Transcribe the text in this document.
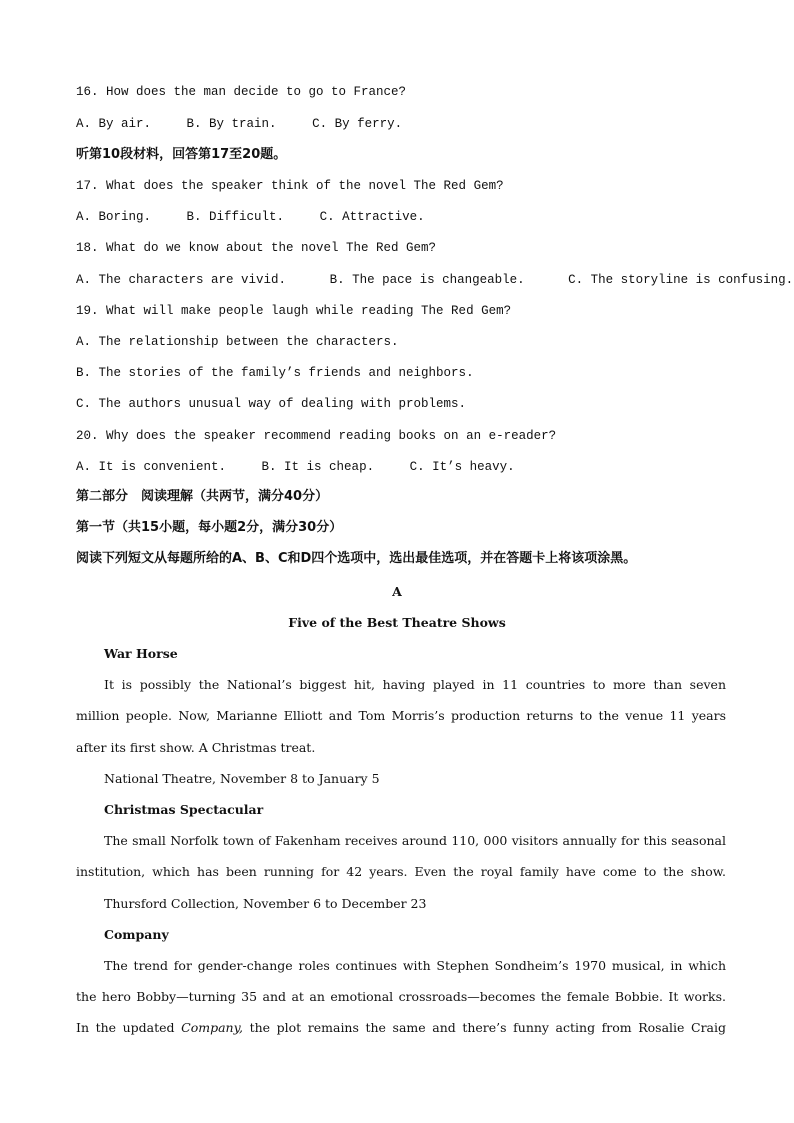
16. How does the man decide to go to France?
A. By air.	B. By train.	C. By ferry.
听第10段材料，回答第17至20题。
17. What does the speaker think of the novel The Red Gem?
A. Boring.	B. Difficult.	C. Attractive.
18. What do we know about the novel The Red Gem?
A. The characters are vivid.	B. The pace is changeable.	C. The storyline is confusing.
19. What will make people laugh while reading The Red Gem?
A. The relationship between the characters.
B. The stories of the family’s friends and neighbors.
C. The authors unusual way of dealing with problems.
20. Why does the speaker recommend reading books on an e-reader?
A. It is convenient.	B. It is cheap.	C. It’s heavy.
第二部分　阅读理解（共两节，满分40分）
第一节（共15小题，每小题2分，满分30分）
阅读下列短文从每题所给的A、B、C和D四个选项中，选出最佳选项，并在答题卡上将该项涂黑。
A
Five of the Best Theatre Shows
War Horse
It is possibly the National’s biggest hit, having played in 11 countries to more than seven
million people. Now, Marianne Elliott and Tom Morris’s production returns to the venue 11 years
after its first show. A Christmas treat.
National Theatre, November 8 to January 5
Christmas Spectacular
The small Norfolk town of Fakenham receives around 110, 000 visitors annually for this seasonal
institution, which has been running for 42 years. Even the royal family have come to the show.
Thursford Collection, November 6 to December 23
Company
The trend for gender-change roles continues with Stephen Sondheim’s 1970 musical, in which
the hero Bobby—turning 35 and at an emotional crossroads—becomes the female Bobbie. It works.
In the updated Company, the plot remains the same and there’s funny acting from Rosalie Craig
